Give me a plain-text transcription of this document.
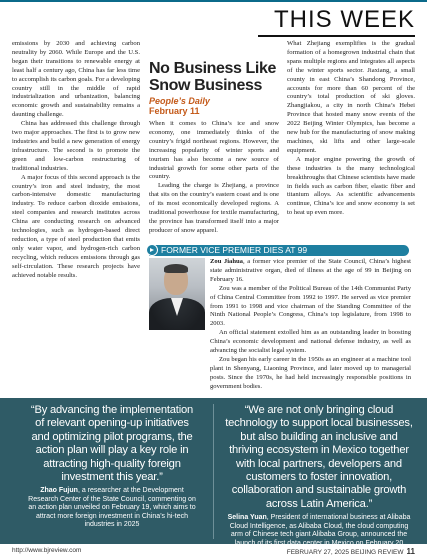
THIS WEEK

emissions by 2030 and achieving carbon neutrality by 2060. While Europe and the U.S. began their transitions to renewable energy at least half a century ago, China has far less time to accomplish its carbon goals. For a developing country still in the middle of rapid industrialization and urbanization, balancing economic growth and sustainability remains a daunting challenge.

China has addressed this challenge through two major approaches. The first is to grow new industries and build a new generation of energy infrastructure. The second is to promote the green and low-carbon restructuring of traditional industries.

A major focus of this second approach is the country’s iron and steel industry, the most carbon-intensive domestic manufacturing industry. To reduce carbon dioxide emissions, steel companies and research institutes across China are conducting research on advanced technologies, such as hydrogen-based direct reduction, a type of steel production that emits only water vapor, and hydrogen-rich carbon recycling, which reduces emissions through gas self-circulation. These research projects have achieved notable results.

No Business Like Snow Business
People’s Daily
February 11

When it comes to China’s ice and snow economy, one immediately thinks of the country’s frigid northeast regions. However, the increasing popularity of winter sports and tourism has also become a new source of industrial growth for some other parts of the country.

Leading the charge is Zhejiang, a province that sits on the country’s eastern coast and is one of its most economically developed regions. A traditional powerhouse for textile manufacturing, the province has transformed itself into a major producer of snow apparel.

What Zhejiang exemplifies is the gradual formation of a homegrown industrial chain that spans multiple regions and integrates all aspects of the winter sports sector. Jiaxiang, a small county in east China’s Shandong Province, accounts for more than 60 percent of the country’s total production of ski gloves. Zhangjiakou, a city in north China’s Hebei Province that hosted many snow events of the 2022 Beijing Winter Olympics, has become a new hub for the manufacturing of snow making machines, ski lifts and other large-scale equipment.

A major engine powering the growth of these industries is the many technological breakthroughs that Chinese scientists have made in fields such as carbon fiber, elastic fiber and titanium alloys. As scientific advancements continue, China’s ice and snow economy is set to heat up even more.

FORMER VICE PREMIER DIES AT 99

Zou Jiahua, a former vice premier of the State Council, China’s highest state administrative organ, died of illness at the age of 99 in Beijing on February 16.

Zou was a member of the Political Bureau of the 14th Communist Party of China Central Committee from 1992 to 1997. He served as vice premier from 1991 to 1998 and vice chairman of the Standing Committee of the Ninth National People’s Congress, China’s top legislature, from 1998 to 2003.

An official statement extolled him as an outstanding leader in boosting China’s economic development and national defense industry, as well as advancing the socialist legal system.

Zou began his early career in the 1950s as an engineer at a machine tool plant in Shenyang, Liaoning Province, and later moved up to managerial posts. Since the 1970s, he had held increasingly responsible positions in government bodies.

“By advancing the implementation of relevant opening-up initiatives and optimizing pilot programs, the action plan will play a key role in attracting high-quality foreign investment this year.”

Zhao Fujun, a researcher at the Development Research Center of the State Council, commenting on an action plan unveiled on February 19, which aims to attract more foreign investment in China’s hi-tech industries in 2025

“We are not only bringing cloud technology to support local businesses, but also building an inclusive and thriving ecosystem in Mexico together with local partners, developers and customers to foster innovation, collaboration and sustainable growth across Latin America.”

Selina Yuan, President of international business at Alibaba Cloud Intelligence, as Alibaba Cloud, the cloud computing arm of Chinese tech giant Alibaba Group, announced the launch of its first data center in Mexico on February 20

http://www.bjreview.com	FEBRUARY 27, 2025 BEIJING REVIEW 11
